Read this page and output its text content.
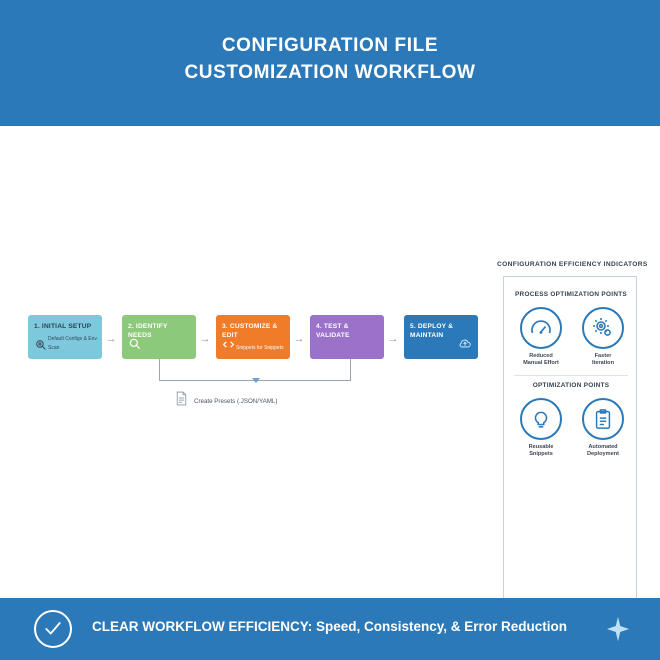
CONFIGURATION FILE
CUSTOMIZATION WORKFLOW
1. INITIAL SETUP
Default Configs & Env. Scan
→
2. IDENTIFY NEEDS	→
3. CUSTOMIZE & EDIT
Snippets for Snippets
→
4. TEST & VALIDATE	→
5. DEPLOY & MAINTAIN
Create Presets (.JSON/YAML)
CONFIGURATION EFFICIENCY INDICATORS
PROCESS OPTIMIZATION POINTS
Reduced
Manual Effort
Faster
Iteration
OPTIMIZATION POINTS
Reusable
Snippets
Automated
Deployment
CLEAR WORKFLOW EFFICIENCY: Speed, Consistency, & Error Reduction
